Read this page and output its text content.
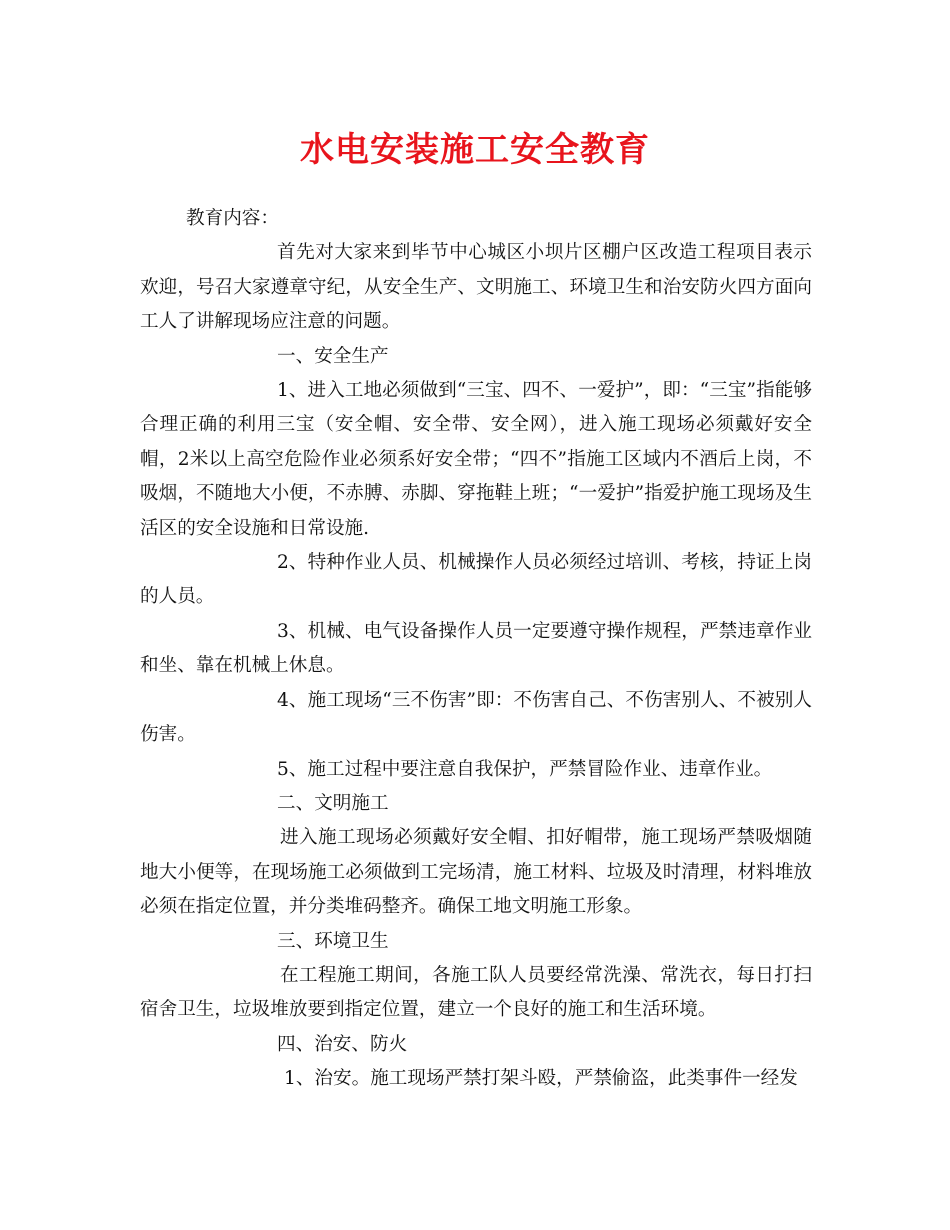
水电安装施工安全教育

教育内容：

首先对大家来到毕节中心城区小坝片区棚户区改造工程项目表示欢迎，号召大家遵章守纪，从安全生产、文明施工、环境卫生和治安防火四方面向工人了讲解现场应注意的问题。

一、安全生产

1、进入工地必须做到“三宝、四不、一爱护”，即：“三宝”指能够合理正确的利用三宝（安全帽、安全带、安全网），进入施工现场必须戴好安全帽，2米以上高空危险作业必须系好安全带；“四不”指施工区域内不酒后上岗，不吸烟，不随地大小便，不赤膊、赤脚、穿拖鞋上班；“一爱护”指爱护施工现场及生活区的安全设施和日常设施.

2、特种作业人员、机械操作人员必须经过培训、考核，持证上岗的人员。

3、机械、电气设备操作人员一定要遵守操作规程，严禁违章作业和坐、靠在机械上休息。

4、施工现场“三不伤害”即：不伤害自己、不伤害别人、不被别人伤害。

5、施工过程中要注意自我保护，严禁冒险作业、违章作业。

二、文明施工

进入施工现场必须戴好安全帽、扣好帽带，施工现场严禁吸烟随地大小便等，在现场施工必须做到工完场清，施工材料、垃圾及时清理，材料堆放必须在指定位置，并分类堆码整齐。确保工地文明施工形象。

三、环境卫生

在工程施工期间，各施工队人员要经常洗澡、常洗衣，每日打扫宿舍卫生，垃圾堆放要到指定位置，建立一个良好的施工和生活环境。

四、治安、防火

1、治安。施工现场严禁打架斗殴，严禁偷盗，此类事件一经发
